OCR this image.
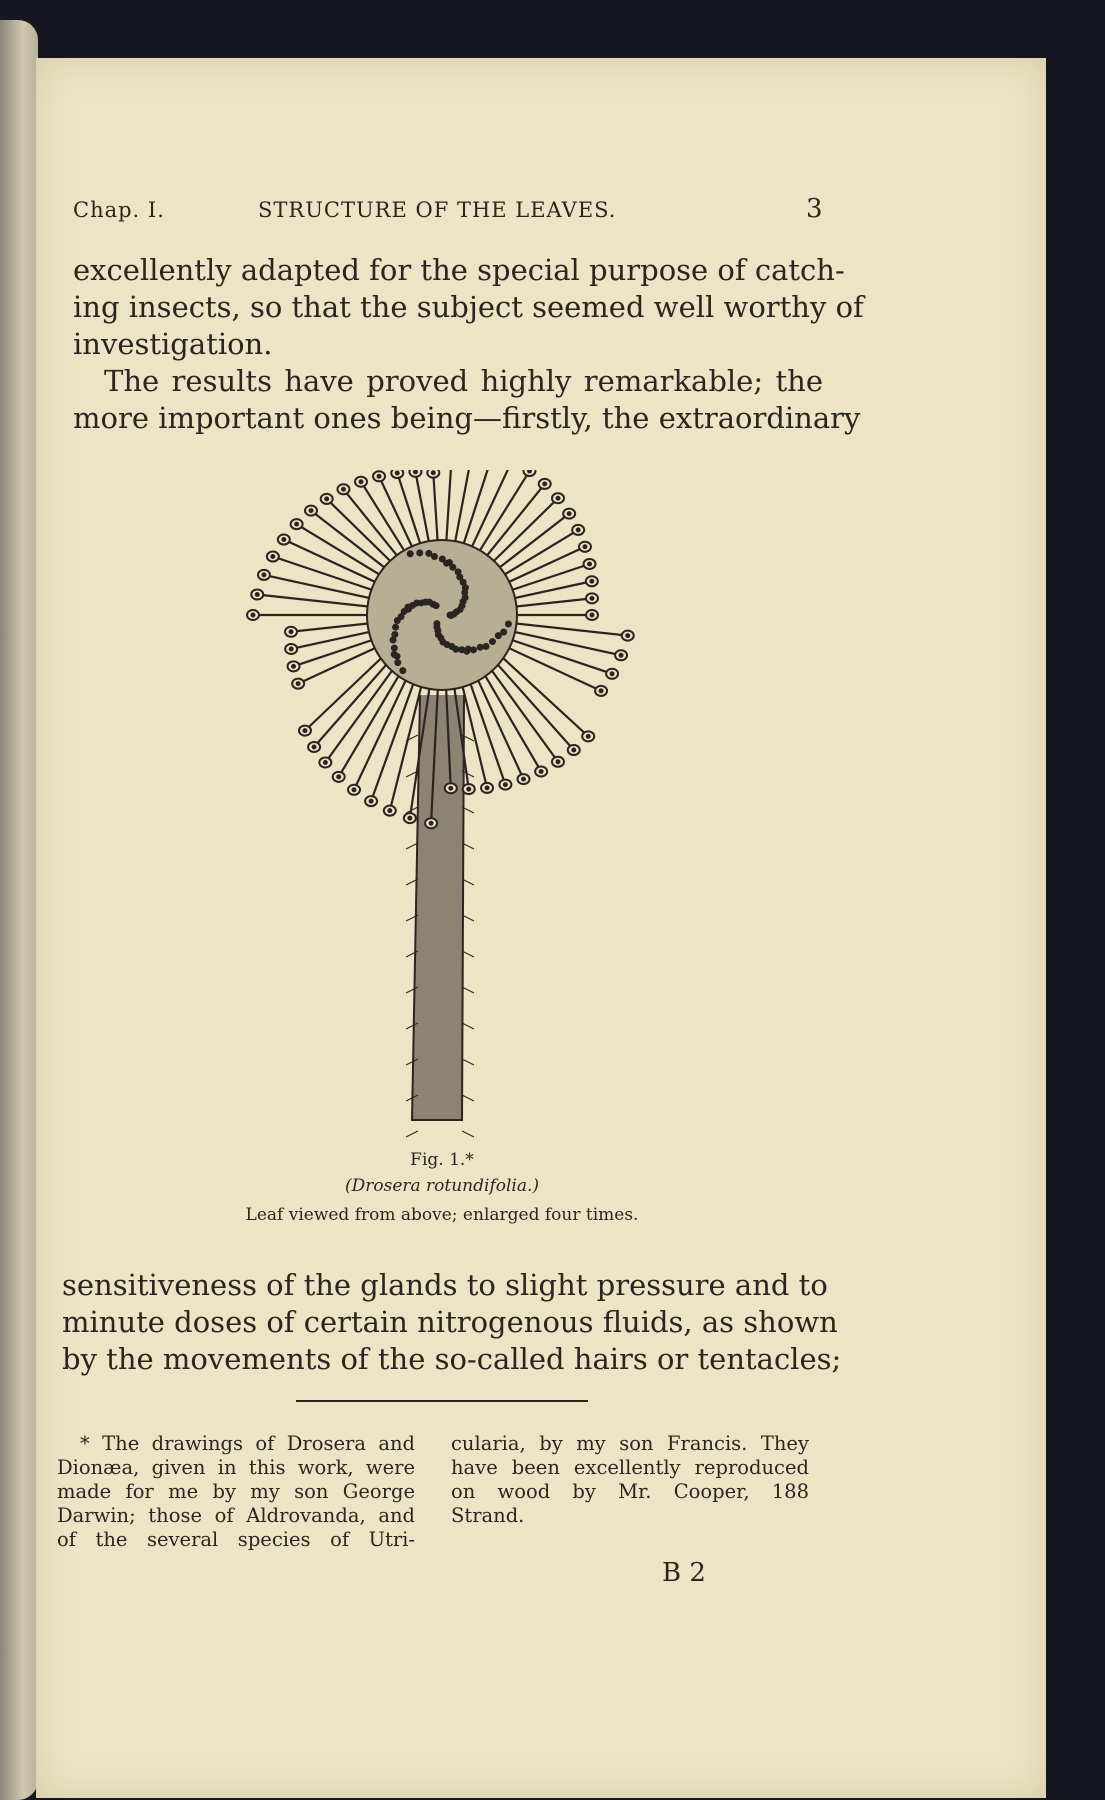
Chap. I.	STRUCTURE OF THE LEAVES.	3
excellently adapted for the special purpose of catch-
ing insects, so that the subject seemed well worthy of
investigation.
The results have proved highly remarkable; the
more important ones being—firstly, the extraordinary
Fig. 1.*
(Drosera rotundifolia.)
Leaf viewed from above; enlarged four times.
sensitiveness of the glands to slight pressure and to
minute doses of certain nitrogenous fluids, as shown
by the movements of the so-called hairs or tentacles;
* The drawings of Drosera and
Dionæa, given in this work, were
made for me by my son George
Darwin; those of Aldrovanda, and
of the several species of Utri-
cularia, by my son Francis. They
have been excellently reproduced
on wood by Mr. Cooper, 188
Strand.
B 2
